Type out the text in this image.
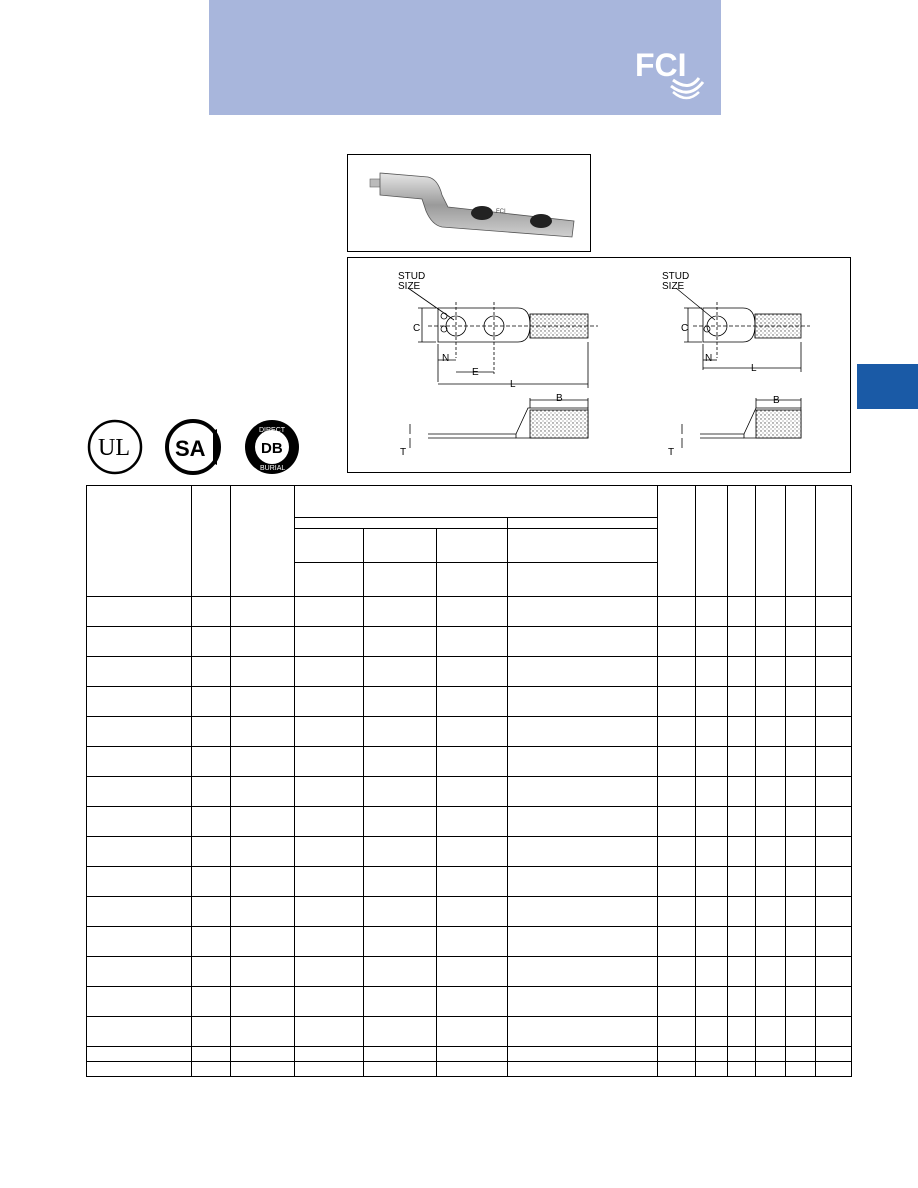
FCI
FCI
STUD
SIZE
C
N
E
L
B
T
STUD
SIZE
C
N
L
B
T
UL SA
DIRECT
BURIAL
DB
